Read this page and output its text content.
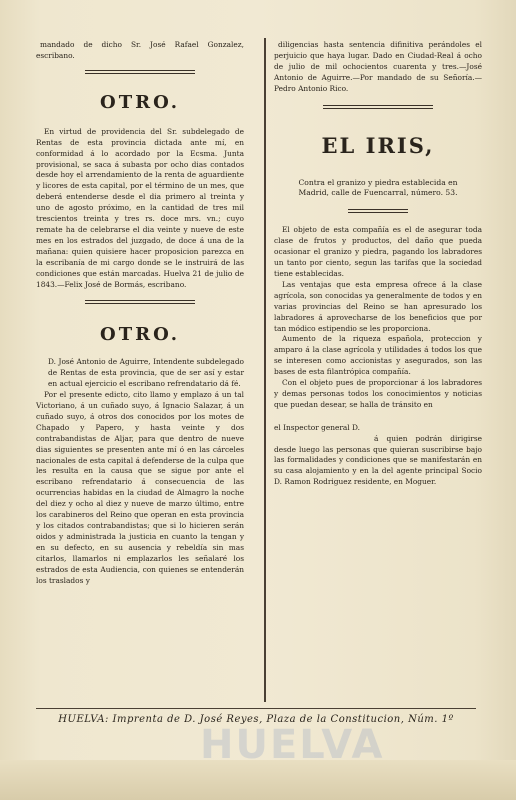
mandado de dicho Sr. José Rafael Gonzalez, escribano.

OTRO.

En virtud de providencia del Sr. subdelegado de Rentas de esta provincia dictada ante mí, en conformidad á lo acordado por la Ecsma. Junta provisional, se saca á subasta por ocho dias contados desde hoy el arrendamiento de la renta de aguardiente y licores de esta capital, por el término de un mes, que deberá entenderse desde el dia primero al treinta y uno de agosto próximo, en la cantidad de tres mil trescientos treinta y tres rs. doce mrs. vn.; cuyo remate ha de celebrarse el dia veinte y nueve de este mes en los estrados del juzgado, de doce á una de la mañana: quien quisiere hacer proposicion parezca en la escribanía de mi cargo donde se le instruirá de las condiciones que están marcadas. Huelva 21 de julio de 1843.—Felix José de Bormás, escribano.

OTRO.

D. José Antonio de Aguirre, Intendente subdelegado de Rentas de esta provincia, que de ser así y estar en actual ejercicio el escribano refrendatario dá fé.

Por el presente edicto, cito llamo y emplazo á un tal Victoriano, á un cuñado suyo, á Ignacio Salazar, á un cuñado suyo, á otros dos conocidos por los motes de Chapado y Papero, y hasta veinte y dos contrabandistas de Aljar, para que dentro de nueve dias siguientes se presenten ante mí ó en las cárceles nacionales de esta capital á defenderse de la culpa que les resulta en la causa que se sigue por ante el escribano refrendatario á consecuencia de las ocurrencias habidas en la ciudad de Almagro la noche del diez y ocho al diez y nueve de marzo último, entre los carabineros del Reino que operan en esta provincia y los citados contrabandistas; que si lo hicieren serán oidos y administrada la justicia en cuanto la tengan y en su defecto, en su ausencia y rebeldía sin mas citarlos, llamarlos ni emplazarlos les señalaré los estrados de esta Audiencia, con quienes se entenderán los traslados y

diligencias hasta sentencia difinitiva perándoles el perjuicio que haya lugar. Dado en Ciudad-Real á ocho de julio de mil ochocientos cuarenta y tres.—José Antonio de Aguirre.—Por mandado de su Señoría.—Pedro Antonio Rico.

EL IRIS,

Contra el granizo y piedra establecida en Madrid, calle de Fuencarral, número. 53.

El objeto de esta compañía es el de asegurar toda clase de frutos y productos, del daño que pueda ocasionar el granizo y piedra, pagando los labradores un tanto por ciento, segun las tarifas que la sociedad tiene establecidas.

Las ventajas que esta empresa ofrece á la clase agrícola, son conocidas ya generalmente de todos y en varias provincias del Reino se han apresurado los labradores á aprovecharse de los beneficios que por tan módico estipendio se les proporciona.

Aumento de la riqueza española, proteccion y amparo á la clase agrícola y utilidades á todos los que se interesen como accionistas y asegurados, son las bases de esta filantrópica compañía.

Con el objeto pues de proporcionar á los labradores y demas personas todos los conocimientos y noticias que puedan desear, se halla de tránsito en

el Inspector general D.

á quien podrán dirigirse desde luego las personas que quieran suscribirse bajo las formalidades y condiciones que se manifestarán en su casa alojamiento y en la del agente principal Socio D. Ramon Rodriguez residente, en Moguer.

HUELVA: Imprenta de D. José Reyes, Plaza de la Constitucion, Núm. 1º
HUELVA
